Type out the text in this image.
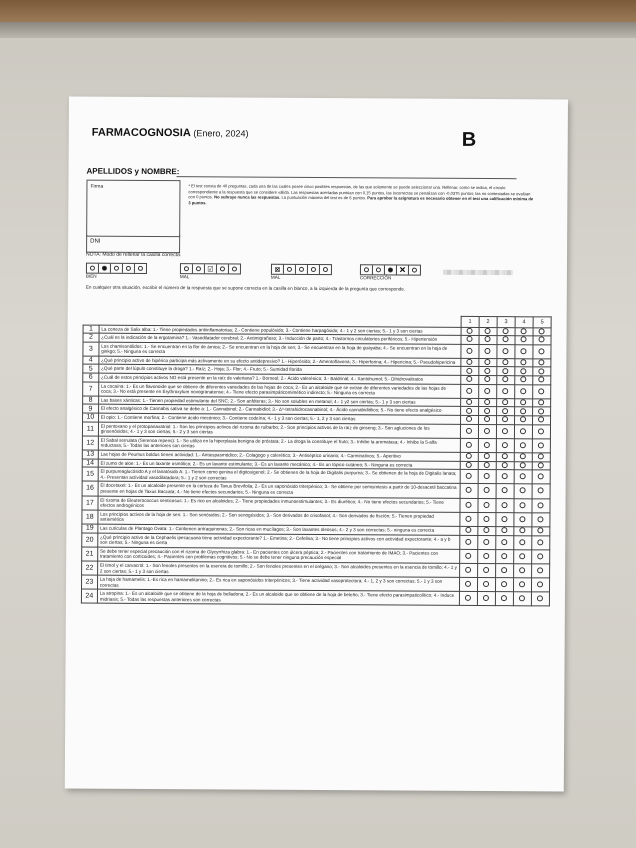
FARMACOGNOSIA (Enero, 2024)	B
APELLIDOS y NOMBRE:
Firma
DNI
* El test consta de 40 preguntas, cada una de las cuales posee cinco posibles respuestas, de las que solamente se puede seleccionar una. Rellenar, como se indica, el círculo correspondiente a la respuesta que se considere válida. Las respuestas acertadas puntúan con 0,15 puntos, las incorrectas se penalizan con -0,0375 puntos; las no contestadas se evalúan con 0 puntos. No subraye nunca las respuestas. La puntuación máxima del test es de 6 puntos. Para aprobar la asignatura es necesario obtener en el test una calificación mínima de 3 puntos.
NOTA: Modo de rellenar la casilla correcta.
BIEN
☑
MAL
⊠
MAL
✕
CORRECCIÓN
En cualquier otra situación, escribir el número de la respuesta que se supone correcta en la casilla en blanco, a la izquierda de la pregunta que corresponde.
		1	2	3	4	5
1	La corteza de Salix alba: 1.- Tiene propiedades antiinflamatorias; 2.- Contiene populósido; 3.- Contiene harpagósido; 4.- 1 y 2 son ciertas; 5.- 1 y 3 son ciertas					
2	¿Cuál es la indicación de la ergotamina? 1.- Vasodilatador cerebral; 2.- Antimigrañoso; 3.- Inducción de parto; 4.- Trastornos circulatorios periféricos; 5.- Hipertensión					
3	Los chamisonólidos: 1.- Se encuentran en la flor de árnica; 2.- Se encuentran en la hoja de sen; 3.- Se encuentran en la hoja de guayaba; 4.- Se encuentran en la hoja de ginkgo; 5.- Ninguna es correcta					
4	¿Qué principio activo de hipérico participa más activamente en su efecto antidepresivo? 1.- Hiperósido; 2.- Amentoflavona; 3.- Hiperforina; 4.- Hipericina; 5.- Pseudohipericina					
5	¿Qué parte del lúpulo constituye la droga? 1.- Raíz; 2.- Hoja; 3.- Flor; 4.- Fruto; 5.- Sumidad florida					
6	¿Cuál de estos principios activos NO está presente en la raíz de valeriana? 1.- Borneol; 2.- Ácido valerénico; 3.- Baldrinal; 4.- Xantohumol; 5.- Dihidrovaltratos					
7	La cocaína: 1.- Es un flavonoide que se obtiene de diferentes variedades de las hojas de coca; 2.- Es un alcaloide que se extrae de diferentes variedades de las hojas de coca; 3.- No está presente en Erythroxylum novogranatense; 4.- Tiene efecto parasimpáticomimético indirecto; 5.- Ninguna es correcta					
8	Las bases xánticas: 1.- Tienen propiedad estimulante del SNC; 2.- Son anfóteras; 3.- No son solubles en metanol; 4.- 1 y2 son ciertas; 5.- 1 y 3 son ciertas					
9	El efecto analgésico de Cannabis sativa se debe a: 1.- Cannabinol; 2.- Cannabidiol; 3.- Δ⁹-tetrahidrocannabinol; 4.- Ácido cannabidiólico; 5.- No tiene efecto analgésico					
10	El opio: 1.- Contiene morfina; 2.- Contiene ácido mecónico; 3.- Contiene codeína; 4.- 1 y 3 son ciertas; 5.- 1, 2 y 3 son ciertas					
11	El pentoxano y el protopanaxatriol: 1.- Son los principios activos del rizoma de ruibarbo; 2.- Son principios activos de la raíz de ginseng; 3.- Son agluciones de los ginsenósidos; 4.- 1 y 3 son ciertas; 5.- 2 y 3 son ciertas					
12	El Sabal serrulata (Serenoa repens): 1.- Se utiliza en la hiperplasia benigna de próstata; 2.- La droga la constituye el fruto; 3.- Inhibe la aromatasa; 4.- Inhibe la 5-alfa reductasa; 5.- Todas las anteriores son ciertas					
13	Las hojas de Peumus boldus tienen actividad: 1.- Antiespasmódico; 2.- Colagogo y colerético; 3.- Antiséptico urinario; 4.- Carminativos; 5.- Aperitivo					
14	El zumo de aloe: 1.- Es un laxante osmótico; 2.- Es un laxante estimulante; 3.- Es un laxante mecánico; 4.- Es un tópico cutáneo; 5.- Ninguna es correcta					
15	El purpureaglucósido A y el lanatósido A: 1.- Tienen como genina el digitoxigenol; 2.- Se obtienen de la hoja de Digitalis purpurea; 3.- Se obtienen de la hoja de Digitalis lanata; 4.- Presentan actividad vasodilatadora; 5.- 1 y 2 son correctas					
16	El docetaxel: 1.- Es un alcaloide presente en la corteza de Taxus Brevifolia; 2.- Es un saponósido triterpénico; 3.- Se obtiene por semisíntesis a partir de 10-desacetil baccatina presente en hojas de Taxus Baccata; 4.- No tiene efectos secundarios; 5.- Ninguna es correcta					
17	El rizoma de Eleuterococcus senticosus: 1.- Es rico en alcaloides; 2.- Tiene propiedades inmunoestimulantes; 3.- Es diurético; 4.- No tiene efectos secundarios; 5.- Tiene efectos androgénicos					
18	Los principios activos de la hoja de sen: 1.- Son senósidos; 2.- Son senogésidos; 3.- Son derivados de crisofanol; 4.- Son derivados de fiscíón; 5.- Tienen propiedad antiemética					
19	Las cutículas de Plantago Ovata: 1.- Contienen antraquinonas; 2.- Son ricas en mucílagos; 3.- Son laxantes oleosos; 4.- 2 y 3 son correctas; 5.- ninguna es correcta					
20	¿Qué principio activo de la Cephaelis ipecacuana tiene actividad expectorante? 1.- Emetina; 2.- Cefelina; 3.- No tiene principios activos con actividad expectorante; 4.- a y b son ciertas; 5.- Ninguna es cierta					
21	Se debe tener especial precaución con el rizoma de Glycyrrhiza glabra: 1.- En pacientes con úlcera péptica; 2.- Pacientes con tratamiento de IMAO; 3.- Pacientes con tratamiento con corticoides; 4.- Pacientes con problemas cognitivos; 5.- No se debe tener ninguna precaución especial					
22	El timol y el carvacrol: 1.- Son fenoles presentes en la esencia de tomillo; 2.- Son fenoles presentes en el orégano; 3.- Son alcaloides presentes en la esencia de tomillo; 4.- 1 y 2 son ciertas; 5.- 1 y 3 son ciertas					
23	La hoja de hamamelis: 1.-Es rica en hamamelitanino; 2.- Es rica en saponósidos triterpénicos; 3.- Tiene actividad vasoprotectora; 4.- 1, 2 y 3 son correctas; 5.- 1 y 3 son correctas					
24	La atropina: 1.- Es un alcaloide que se obtiene de la hoja de belladona; 2.- Es un alcaloide que se obtiene de la hoja de beleño; 3.- Tiene efecto parasimpaticolítico; 4.- Induce midriasis; 5.- Todas las respuestas anteriores son correctas					
